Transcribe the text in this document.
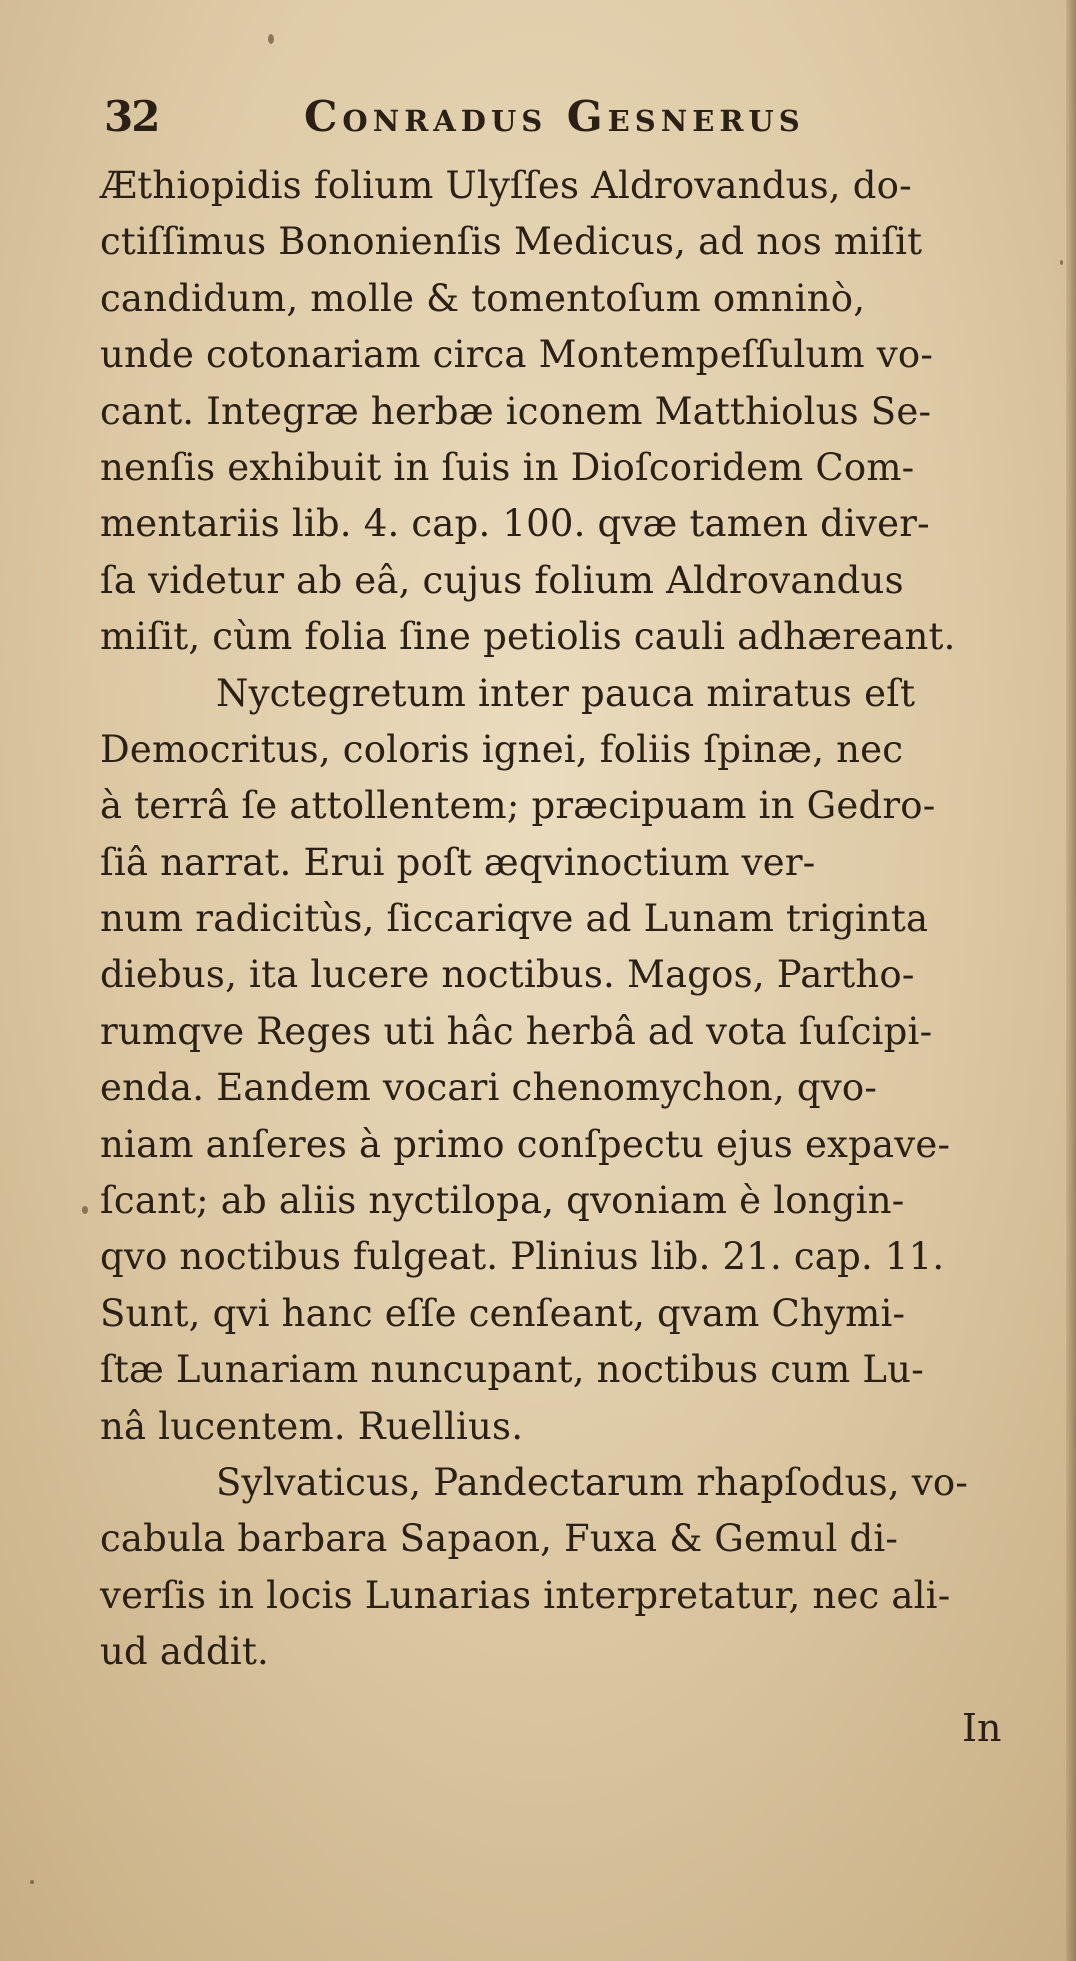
32	Conradus Gesnerus
Æthiopidis folium Ulyſſes Aldrovandus, do-
ctiſſimus Bononienſis Medicus, ad nos miſit
candidum, molle & tomentoſum omninò,
unde cotonariam circa Montempeſſulum vo-
cant. Integræ herbæ iconem Matthiolus Se-
nenſis exhibuit in ſuis in Dioſcoridem Com-
mentariis lib. 4. cap. 100. qvæ tamen diver-
ſa videtur ab eâ, cujus folium Aldrovandus
miſit, cùm folia ſine petiolis cauli adhæreant.
Nyctegretum inter pauca miratus eſt
Democritus, coloris ignei, foliis ſpinæ, nec
à terrâ ſe attollentem; præcipuam in Gedro-
ſiâ narrat. Erui poſt æqvinoctium ver-
num radicitùs, ſiccariqve ad Lunam triginta
diebus, ita lucere noctibus. Magos, Partho-
rumqve Reges uti hâc herbâ ad vota ſuſcipi-
enda. Eandem vocari chenomychon, qvo-
niam anſeres à primo conſpectu ejus expave-
ſcant; ab aliis nyctilopa, qvoniam è longin-
qvo noctibus fulgeat. Plinius lib. 21. cap. 11.
Sunt, qvi hanc eſſe cenſeant, qvam Chymi-
ſtæ Lunariam nuncupant, noctibus cum Lu-
nâ lucentem. Ruellius.
Sylvaticus, Pandectarum rhapſodus, vo-
cabula barbara Sapaon, Fuxa & Gemul di-
verſis in locis Lunarias interpretatur, nec ali-
ud addit.
In
